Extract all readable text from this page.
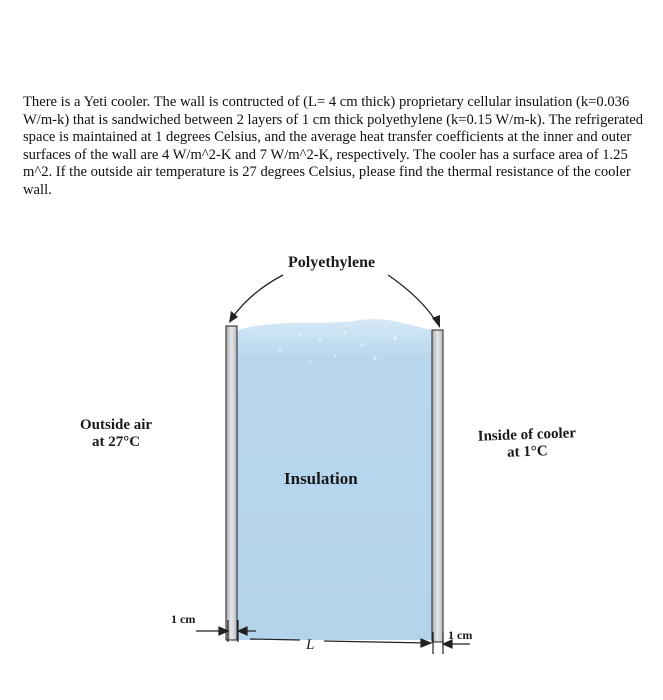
There is a Yeti cooler. The wall is contructed of (L= 4 cm thick) proprietary cellular insulation (k=0.036 W/m-k) that is sandwiched between 2 layers of 1 cm thick polyethylene (k=0.15 W/m-k). The refrigerated space is maintained at 1 degrees Celsius, and the average heat transfer coefficients at the inner and outer surfaces of the wall are 4 W/m^2-K and 7 W/m^2-K, respectively. The cooler has a surface area of 1.25 m^2. If the outside air temperature is 27 degrees Celsius, please find the thermal resistance of the cooler wall.

Polyethylene
Outside air
at 27°C	Inside of cooler
at 1°C
Insulation
1 cm
1 cm
L
